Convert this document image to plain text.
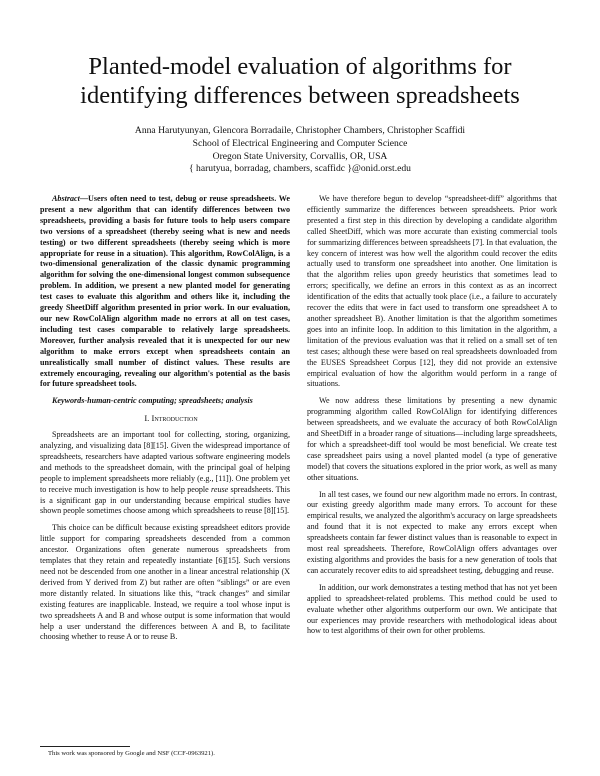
Planted-model evaluation of algorithms for
identifying differences between spreadsheets
Anna Harutyunyan, Glencora Borradaile, Christopher Chambers, Christopher Scaffidi
School of Electrical Engineering and Computer Science
Oregon State University, Corvallis, OR, USA
{ harutyua, borradag, chambers, scaffidc }@onid.orst.edu

Abstract—Users often need to test, debug or reuse spreadsheets. We present a new algorithm that can identify differences between two spreadsheets, providing a basis for future tools to help users compare two versions of a spreadsheet (thereby seeing what is new and needs testing) or two different spreadsheets (thereby seeing which is more appropriate for reuse in a situation). This algorithm, RowColAlign, is a two-dimensional generalization of the classic dynamic programming algorithm for solving the one-dimensional longest common subsequence problem. In addition, we present a new planted model for generating test cases to evaluate this algorithm and others like it, including the greedy SheetDiff algorithm presented in prior work. In our evaluation, our new RowColAlign algorithm made no errors at all on test cases, including test cases comparable to relatively large spreadsheets. Moreover, further analysis revealed that it is unexpected for our new algorithm to make errors except when spreadsheets contain an unrealistically small number of distinct values. These results are extremely encouraging, revealing our algorithm's potential as the basis for future spreadsheet tools.

Keywords-human-centric computing; spreadsheets; analysis

I. Introduction

Spreadsheets are an important tool for collecting, storing, organizing, analyzing, and visualizing data [8][15]. Given the widespread importance of spreadsheets, researchers have adapted various software engineering models and methods to the spreadsheet domain, with the principal goal of helping people to implement spreadsheets more reliably (e.g., [11]). One problem yet to receive much investigation is how to help people reuse spreadsheets. This is a significant gap in our understanding because empirical studies have shown people sometimes choose among which spreadsheets to reuse [8][15].

This choice can be difficult because existing spreadsheet editors provide little support for comparing spreadsheets descended from a common ancestor. Organizations often generate numerous spreadsheets from templates that they retain and repeatedly instantiate [6][15]. Such versions need not be descended from one another in a linear ancestral relationship (X derived from Y derived from Z) but rather are often “siblings” or are even more distantly related. In situations like this, “track changes” and similar existing features are inapplicable. Instead, we require a tool whose input is two spreadsheets A and B and whose output is some information that would help a user understand the differences between A and B, to facilitate choosing whether to reuse A or to reuse B.

We have therefore begun to develop “spreadsheet-diff” algorithms that efficiently summarize the differences between spreadsheets. Prior work presented a first step in this direction by developing a candidate algorithm called SheetDiff, which was more accurate than existing commercial tools for summarizing differences between spreadsheets [7]. In that evaluation, the key concern of interest was how well the algorithm could recover the edits actually used to transform one spreadsheet into another. One limitation is that the algorithm relies upon greedy heuristics that sometimes lead to errors; specifically, we define an errors in this context as as an incorrect identification of the edits that actually took place (i.e., a failure to accurately recover the edits that were in fact used to transform one spreadsheet A to another spreadsheet B). Another limitation is that the algorithm sometimes goes into an infinite loop. In addition to this limitation in the algorithm, a limitation of the previous evaluation was that it relied on a small set of ten test cases; although these were based on real spreadsheets downloaded from the EUSES Spreadsheet Corpus [12], they did not provide an extensive empirical evaluation of how the algorithm would perform in a range of situations.

We now address these limitations by presenting a new dynamic programming algorithm called RowColAlign for identifying differences between spreadsheets, and we evaluate the accuracy of both RowColAlign and SheetDiff in a broader range of situations—including large spreadsheets, for which a spreadsheet-diff tool would be most beneficial. We create test case spreadsheet pairs using a novel planted model (a type of generative model) that covers the situations explored in the prior work, as well as many other situations.

In all test cases, we found our new algorithm made no errors. In contrast, our existing greedy algorithm made many errors. To account for these empirical results, we analyzed the algorithm's accuracy on large spreadsheets and found that it is not expected to make any errors except when spreadsheets contain far fewer distinct values than is reasonable to expect in most real spreadsheets. Therefore, RowColAlign offers advantages over existing algorithms and provides the basis for a new generation of tools that can accurately recover edits to aid spreadsheet testing, debugging and reuse.

In addition, our work demonstrates a testing method that has not yet been applied to spreadsheet-related problems. This method could be used to evaluate whether other algorithms outperform our own. We anticipate that our experiences may provide researchers with methodological ideas about how to test algorithms of their own for other problems.

This work was sponsored by Google and NSF (CCF-0963921).
